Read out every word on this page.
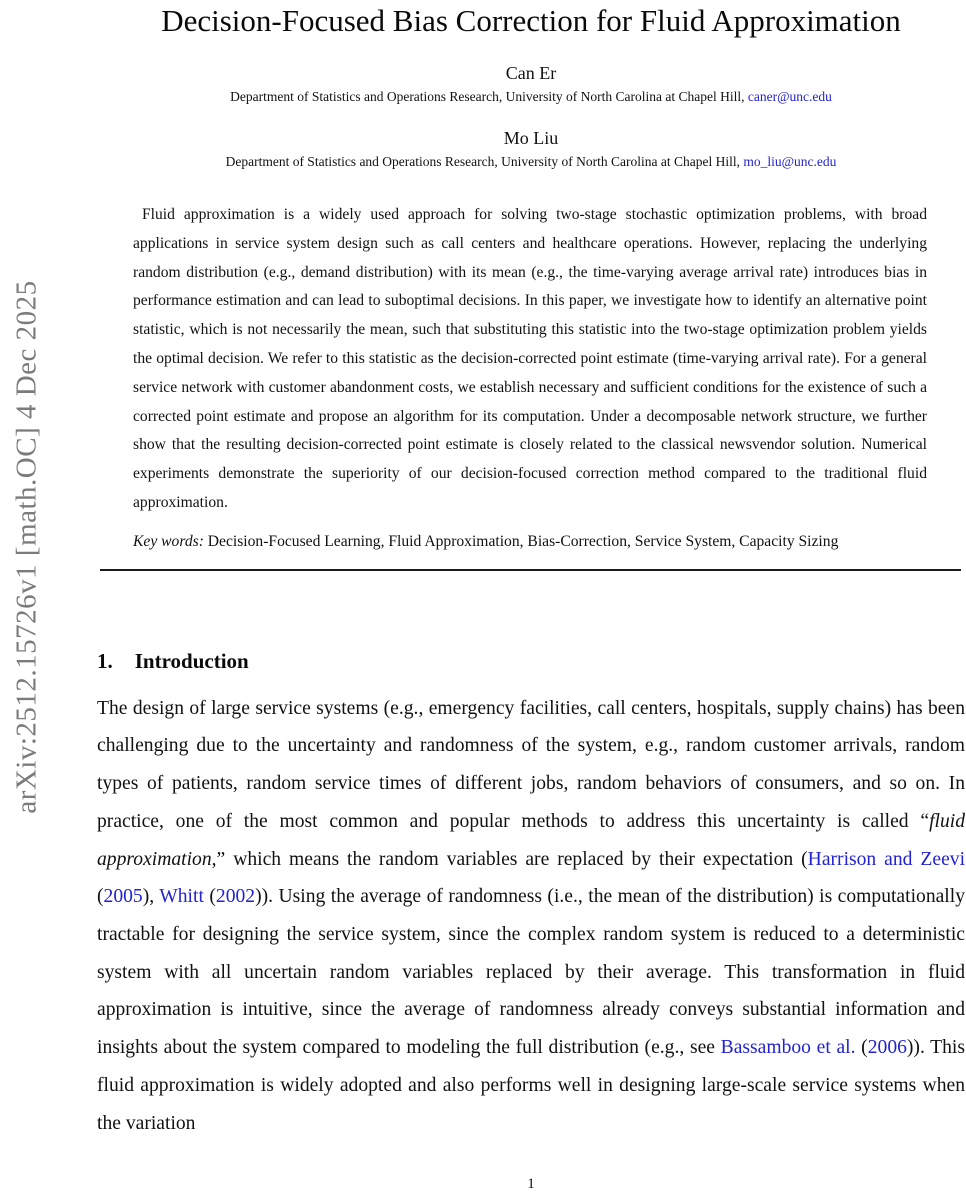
arXiv:2512.15726v1 [math.OC] 4 Dec 2025
Decision-Focused Bias Correction for Fluid Approximation
Can Er
Department of Statistics and Operations Research, University of North Carolina at Chapel Hill, caner@unc.edu
Mo Liu
Department of Statistics and Operations Research, University of North Carolina at Chapel Hill, mo_liu@unc.edu
Fluid approximation is a widely used approach for solving two-stage stochastic optimization problems, with broad applications in service system design such as call centers and healthcare operations. However, replacing the underlying random distribution (e.g., demand distribution) with its mean (e.g., the time-varying average arrival rate) introduces bias in performance estimation and can lead to suboptimal decisions. In this paper, we investigate how to identify an alternative point statistic, which is not necessarily the mean, such that substituting this statistic into the two-stage optimization problem yields the optimal decision. We refer to this statistic as the decision-corrected point estimate (time-varying arrival rate). For a general service network with customer abandonment costs, we establish necessary and sufficient conditions for the existence of such a corrected point estimate and propose an algorithm for its computation. Under a decomposable network structure, we further show that the resulting decision-corrected point estimate is closely related to the classical newsvendor solution. Numerical experiments demonstrate the superiority of our decision-focused correction method compared to the traditional fluid approximation.
Key words: Decision-Focused Learning, Fluid Approximation, Bias-Correction, Service System, Capacity Sizing
1. Introduction
The design of large service systems (e.g., emergency facilities, call centers, hospitals, supply chains) has been challenging due to the uncertainty and randomness of the system, e.g., random customer arrivals, random types of patients, random service times of different jobs, random behaviors of consumers, and so on. In practice, one of the most common and popular methods to address this uncertainty is called “fluid approximation,” which means the random variables are replaced by their expectation (Harrison and Zeevi (2005), Whitt (2002)). Using the average of randomness (i.e., the mean of the distribution) is computationally tractable for designing the service system, since the complex random system is reduced to a deterministic system with all uncertain random variables replaced by their average. This transformation in fluid approximation is intuitive, since the average of randomness already conveys substantial information and insights about the system compared to modeling the full distribution (e.g., see Bassamboo et al. (2006)). This fluid approximation is widely adopted and also performs well in designing large-scale service systems when the variation
1
